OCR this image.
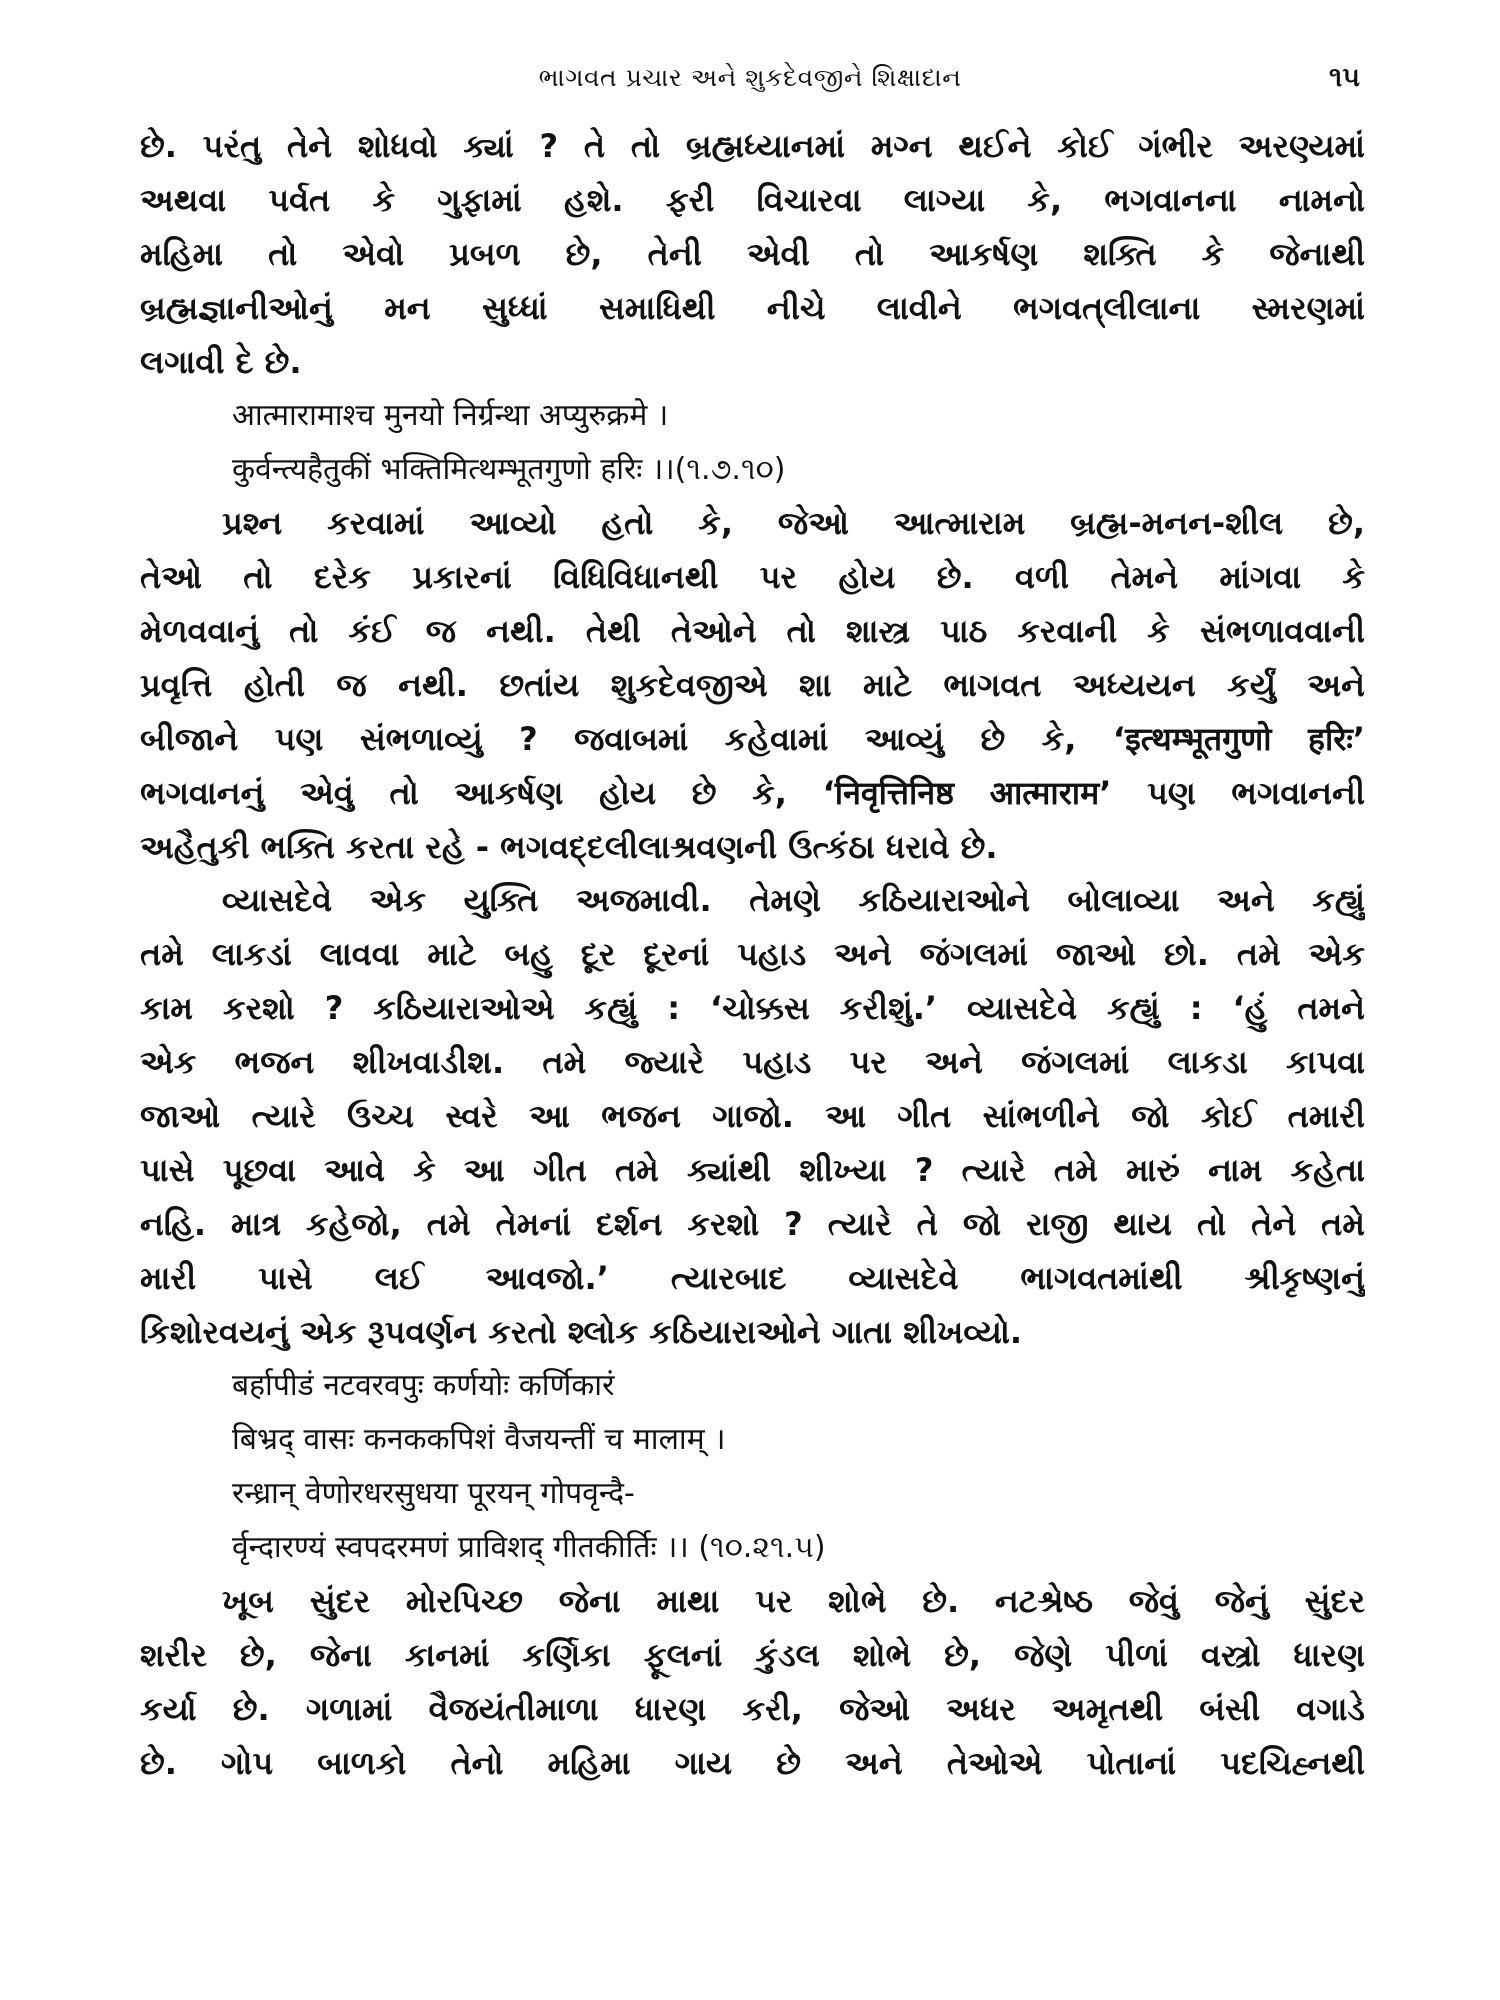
ભાગવત પ્રચાર અને શુકદેવજીને શિક્ષાદાન	૧૫
છે. પરંતુ તેને શોધવો ક્યાં ? તે તો બ્રહ્મધ્યાનમાં મગ્ન થઈને કોઈ ગંભીર અરણ્યમાં
અથવા પર્વત કે ગુફામાં હશે. ફરી વિચારવા લાગ્યા કે, ભગવાનના નામનો
મહિમા તો એવો પ્રબળ છે, તેની એવી તો આકર્ષણ શક્તિ કે જેનાથી
બ્રહ્મજ્ઞાનીઓનું મન સુધ્ધાં સમાધિથી નીચે લાવીને ભગવત્‌લીલાના સ્મરણમાં
લગાવી દે છે.
आत्मारामाश्च मुनयो निर्ग्रन्था अप्युरुक्रमे ।
कुर्वन्त्यहैतुकीं भक्तिमित्थम्भूतगुणो हरिः ।।(૧.૭.૧૦)
પ્રશ્ન કરવામાં આવ્યો હતો કે, જેઓ આત્મારામ બ્રહ્મ-મનન-શીલ છે,
તેઓ તો દરેક પ્રકારનાં વિધિવિધાનથી પર હોય છે. વળી તેમને માંગવા કે
મેળવવાનું તો કંઈ જ નથી. તેથી તેઓને તો શાસ્ત્ર પાઠ કરવાની કે સંભળાવવાની
પ્રવૃત્તિ હોતી જ નથી. છતાંય શુકદેવજીએ શા માટે ભાગવત અધ્યયન કર્યું અને
બીજાને પણ સંભળાવ્યું ? જવાબમાં કહેવામાં આવ્યું છે કે, ‘इत्थम्भूतगुणो हरिः’
ભગવાનનું એવું તો આકર્ષણ હોય છે કે, ‘निवृत्तिनिष्ठ आत्माराम’ પણ ભગવાનની
અહૈતુકી ભક્તિ કરતા રહે - ભગવદ્દલીલાશ્રવણની ઉત્કંઠા ધરાવે છે.
વ્યાસદેવે એક યુક્તિ અજમાવી. તેમણે કઠિયારાઓને બોલાવ્યા અને કહ્યું
તમે લાકડાં લાવવા માટે બહુ દૂર દૂરનાં પહાડ અને જંગલમાં જાઓ છો. તમે એક
કામ કરશો ? કઠિયારાઓએ કહ્યું : ‘ચોક્કસ કરીશું.’ વ્યાસદેવે કહ્યું : ‘હું તમને
એક ભજન શીખવાડીશ. તમે જ્યારે પહાડ પર અને જંગલમાં લાકડા કાપવા
જાઓ ત્યારે ઉચ્ચ સ્વરે આ ભજન ગાજો. આ ગીત સાંભળીને જો કોઈ તમારી
પાસે પૂછવા આવે કે આ ગીત તમે ક્યાંથી શીખ્યા ? ત્યારે તમે મારું નામ કહેતા
નહિ. માત્ર કહેજો, તમે તેમનાં દર્શન કરશો ? ત્યારે તે જો રાજી થાય તો તેને તમે
મારી પાસે લઈ આવજો.’ ત્યારબાદ વ્યાસદેવે ભાગવતમાંથી શ્રીકૃષ્ણનું
કિશોરવયનું એક રૂપવર્ણન કરતો શ્લોક કઠિયારાઓને ગાતા શીખવ્યો.
बर्हापीडं नटवरवपुः कर्णयोः कर्णिकारं
बिभ्रद् वासः कनककपिशं वैजयन्तीं च मालाम् ।
रन्ध्रान् वेणोरधरसुधया पूरयन् गोपवृन्दै-
र्वृन्दारण्यं स्वपदरमणं प्राविशद् गीतकीर्तिः ।। (૧૦.૨૧.૫)
ખૂબ સુંદર મોરપિચ્છ જેના માથા પર શોભે છે. નટશ્રેષ્ઠ જેવું જેનું સુંદર
શરીર છે, જેના કાનમાં કર્ણિકા ફૂલનાં કુંડલ શોભે છે, જેણે પીળાં વસ્ત્રો ધારણ
કર્યા છે. ગળામાં વૈજયંતીમાળા ધારણ કરી, જેઓ અધર અમૃતથી બંસી વગાડે
છે. ગોપ બાળકો તેનો મહિમા ગાય છે અને તેઓએ પોતાનાં પદચિહ્નથી
